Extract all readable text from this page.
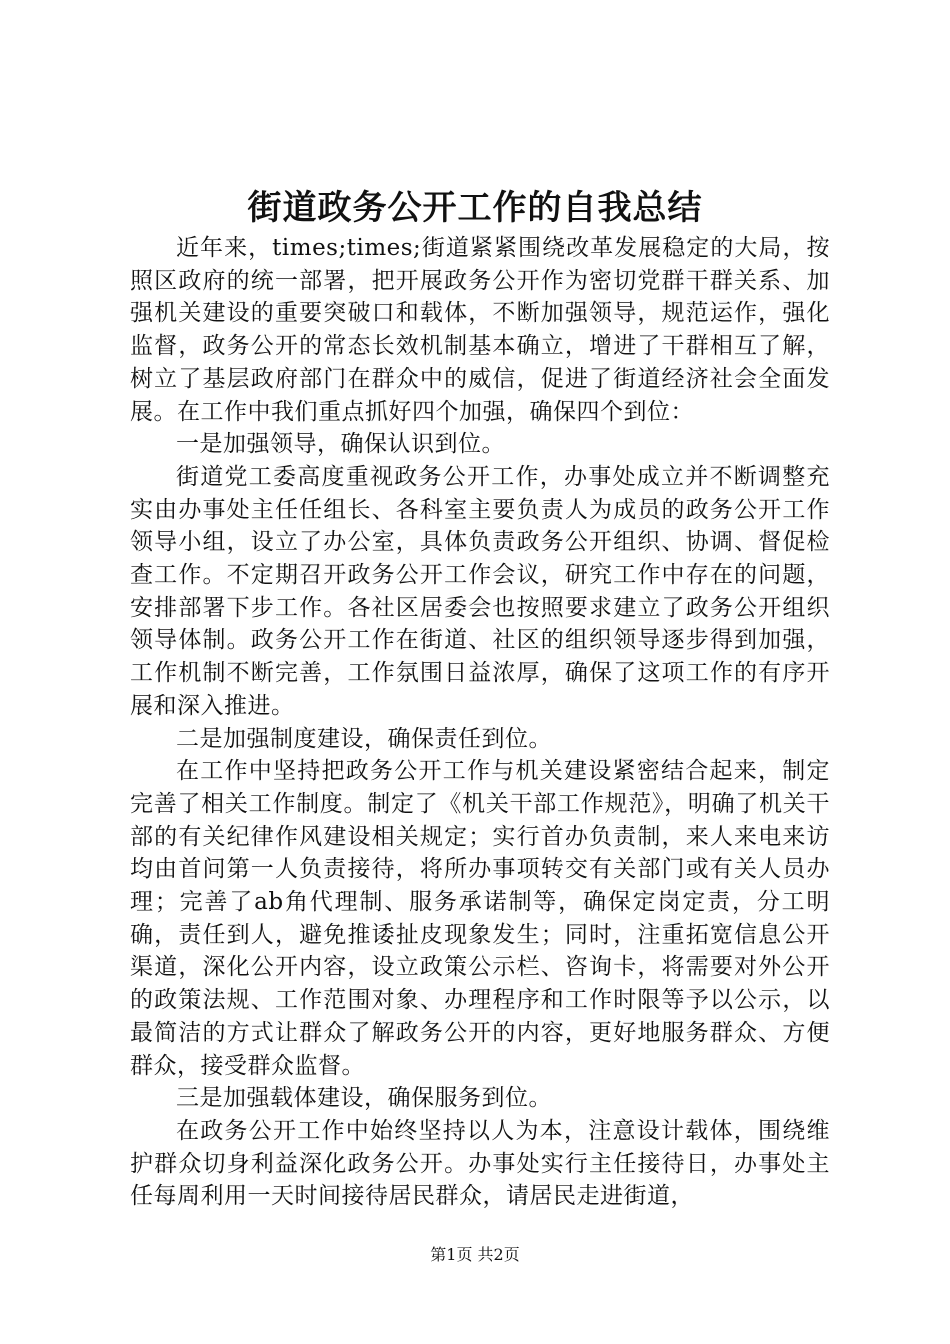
街道政务公开工作的自我总结

近年来，times;times;街道紧紧围绕改革发展稳定的大局，按照区政府的统一部署，把开展政务公开作为密切党群干群关系、加强机关建设的重要突破口和载体，不断加强领导，规范运作，强化监督，政务公开的常态长效机制基本确立，增进了干群相互了解，树立了基层政府部门在群众中的威信，促进了街道经济社会全面发展。在工作中我们重点抓好四个加强，确保四个到位：

一是加强领导，确保认识到位。

街道党工委高度重视政务公开工作，办事处成立并不断调整充实由办事处主任任组长、各科室主要负责人为成员的政务公开工作领导小组，设立了办公室，具体负责政务公开组织、协调、督促检查工作。不定期召开政务公开工作会议，研究工作中存在的问题，安排部署下步工作。各社区居委会也按照要求建立了政务公开组织领导体制。政务公开工作在街道、社区的组织领导逐步得到加强，工作机制不断完善，工作氛围日益浓厚，确保了这项工作的有序开展和深入推进。

二是加强制度建设，确保责任到位。

在工作中坚持把政务公开工作与机关建设紧密结合起来，制定完善了相关工作制度。制定了《机关干部工作规范》，明确了机关干部的有关纪律作风建设相关规定；实行首办负责制，来人来电来访均由首问第一人负责接待，将所办事项转交有关部门或有关人员办理；完善了ab角代理制、服务承诺制等，确保定岗定责，分工明确，责任到人，避免推诿扯皮现象发生；同时，注重拓宽信息公开渠道，深化公开内容，设立政策公示栏、咨询卡，将需要对外公开的政策法规、工作范围对象、办理程序和工作时限等予以公示，以最简洁的方式让群众了解政务公开的内容，更好地服务群众、方便群众，接受群众监督。

三是加强载体建设，确保服务到位。

在政务公开工作中始终坚持以人为本，注意设计载体，围绕维护群众切身利益深化政务公开。办事处实行主任接待日，办事处主任每周利用一天时间接待居民群众，请居民走进街道，

第1页 共2页
